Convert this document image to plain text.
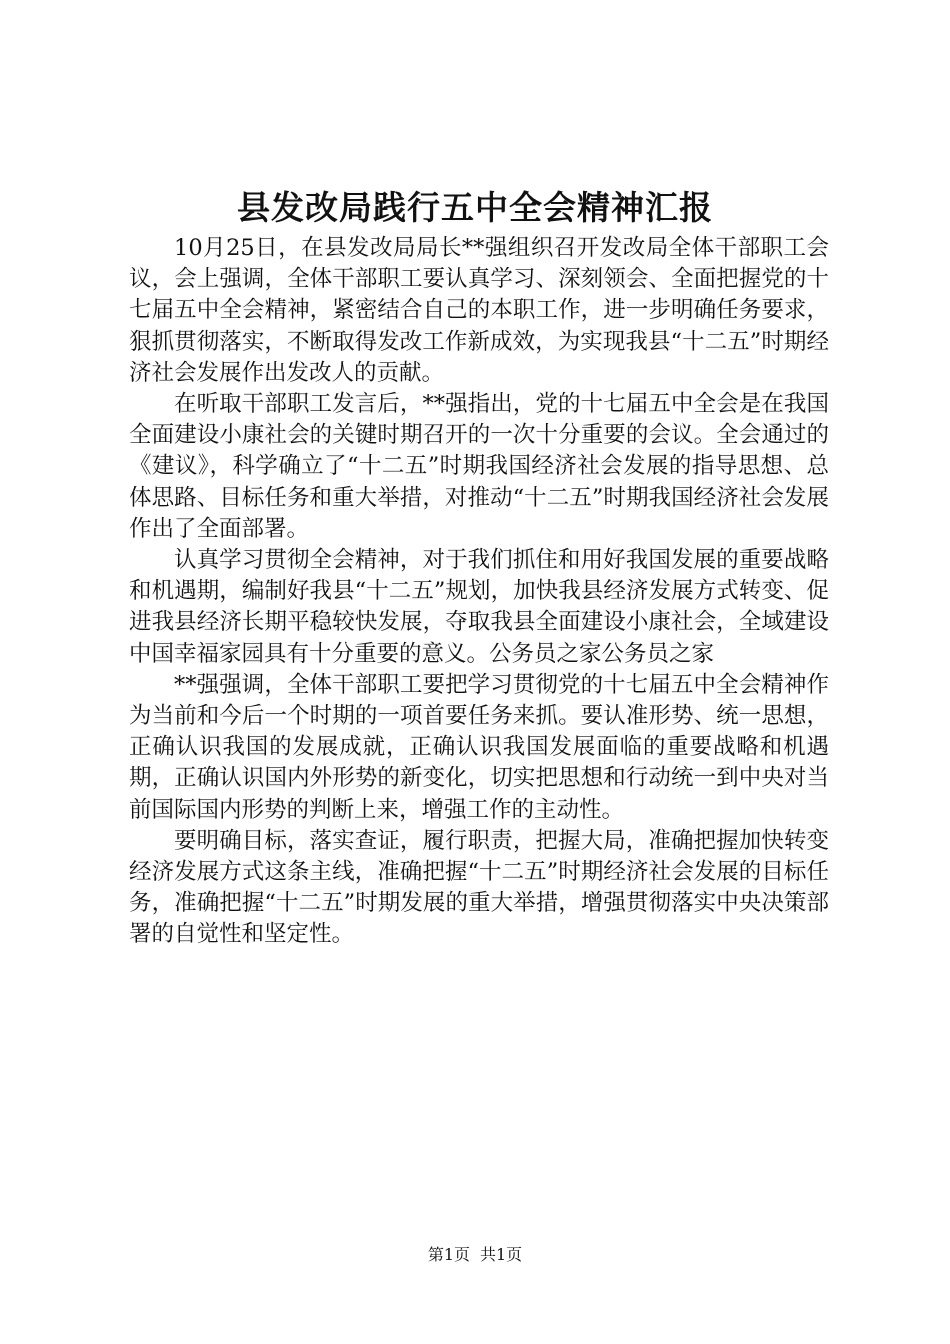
县发改局践行五中全会精神汇报

10月25日，在县发改局局长**强组织召开发改局全体干部职工会议，会上强调，全体干部职工要认真学习、深刻领会、全面把握党的十七届五中全会精神，紧密结合自己的本职工作，进一步明确任务要求，狠抓贯彻落实，不断取得发改工作新成效，为实现我县“十二五”时期经济社会发展作出发改人的贡献。

在听取干部职工发言后，**强指出，党的十七届五中全会是在我国全面建设小康社会的关键时期召开的一次十分重要的会议。全会通过的《建议》，科学确立了“十二五”时期我国经济社会发展的指导思想、总体思路、目标任务和重大举措，对推动“十二五”时期我国经济社会发展作出了全面部署。

认真学习贯彻全会精神，对于我们抓住和用好我国发展的重要战略和机遇期，编制好我县“十二五”规划，加快我县经济发展方式转变、促进我县经济长期平稳较快发展，夺取我县全面建设小康社会，全域建设中国幸福家园具有十分重要的意义。公务员之家公务员之家

**强强调，全体干部职工要把学习贯彻党的十七届五中全会精神作为当前和今后一个时期的一项首要任务来抓。要认准形势、统一思想，正确认识我国的发展成就，正确认识我国发展面临的重要战略和机遇期，正确认识国内外形势的新变化，切实把思想和行动统一到中央对当前国际国内形势的判断上来，增强工作的主动性。

要明确目标，落实查证，履行职责，把握大局，准确把握加快转变经济发展方式这条主线，准确把握“十二五”时期经济社会发展的目标任务，准确把握“十二五”时期发展的重大举措，增强贯彻落实中央决策部署的自觉性和坚定性。

第1页 共1页
